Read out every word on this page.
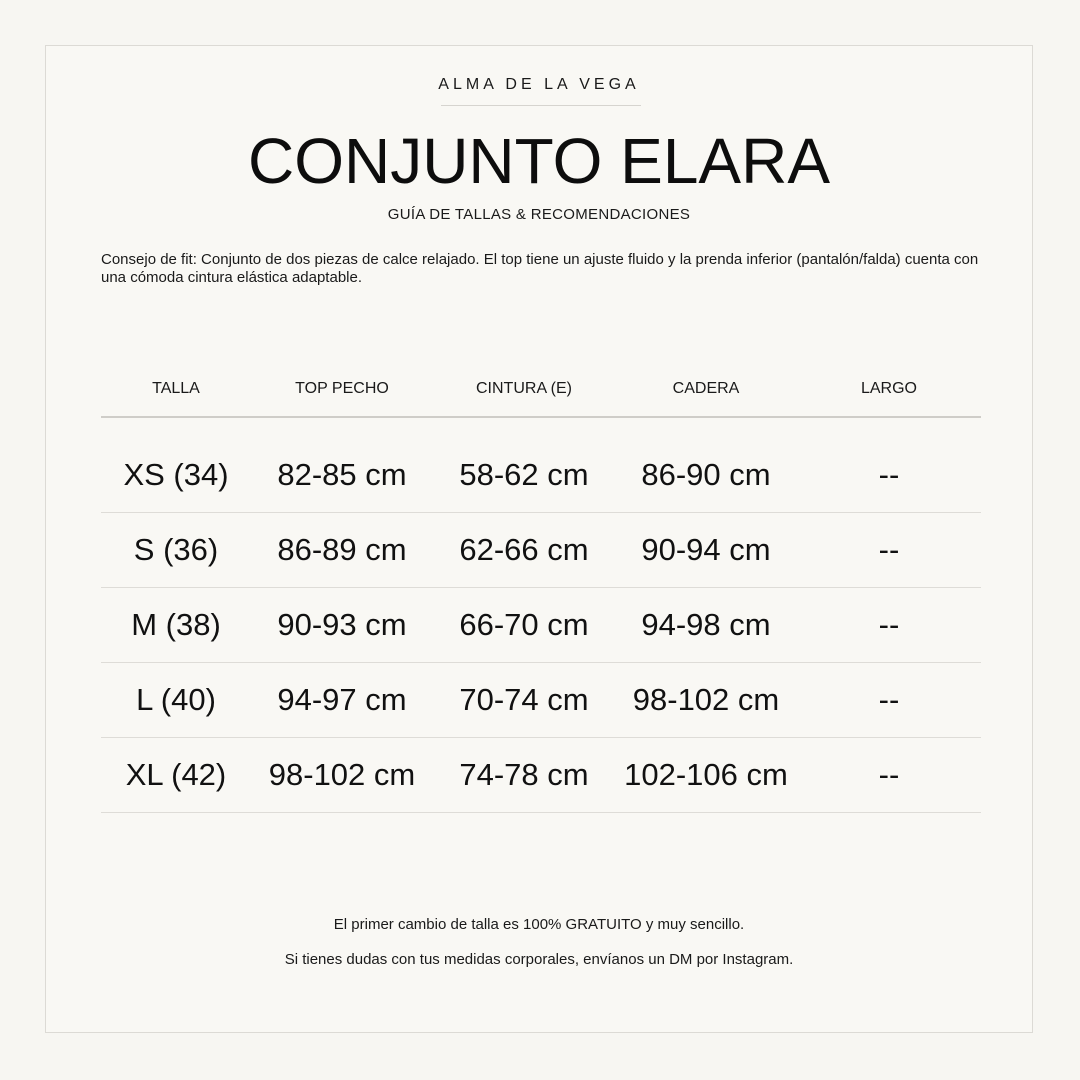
ALMA DE LA VEGA
CONJUNTO ELARA
GUÍA DE TALLAS & RECOMENDACIONES
Consejo de fit: Conjunto de dos piezas de calce relajado. El top tiene un ajuste fluido y la prenda inferior (pantalón/falda) cuenta con una cómoda cintura elástica adaptable.
TALLA	TOP PECHO	CINTURA (E)	CADERA	LARGO
XS (34)	82-85 cm	58-62 cm	86-90 cm	--
S (36)	86-89 cm	62-66 cm	90-94 cm	--
M (38)	90-93 cm	66-70 cm	94-98 cm	--
L (40)	94-97 cm	70-74 cm	98-102 cm	--
XL (42)	98-102 cm	74-78 cm	102-106 cm	--
El primer cambio de talla es 100% GRATUITO y muy sencillo.
Si tienes dudas con tus medidas corporales, envíanos un DM por Instagram.
